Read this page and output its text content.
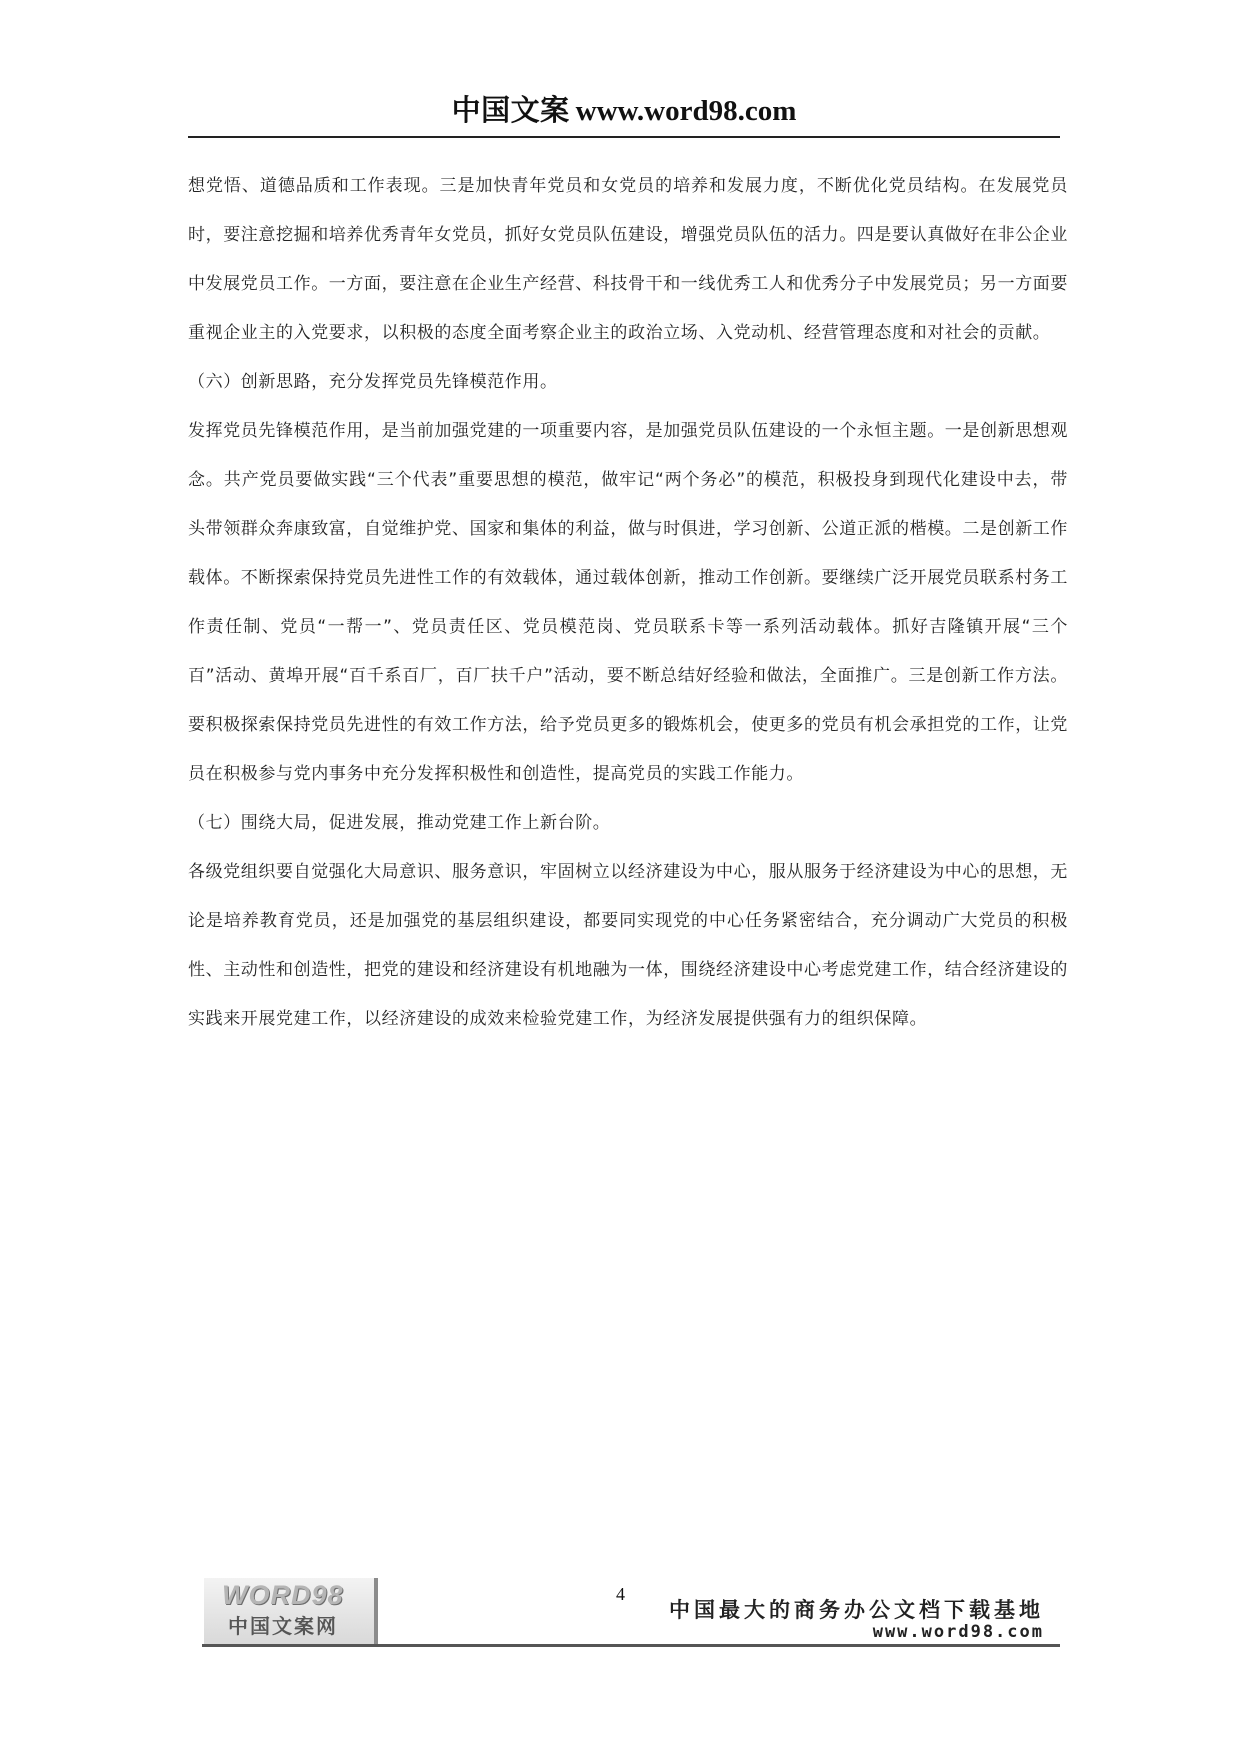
中国文案 www.word98.com

想党悟、道德品质和工作表现。三是加快青年党员和女党员的培养和发展力度，不断优化党员结构。在发展党员时，要注意挖掘和培养优秀青年女党员，抓好女党员队伍建设，增强党员队伍的活力。四是要认真做好在非公企业中发展党员工作。一方面，要注意在企业生产经营、科技骨干和一线优秀工人和优秀分子中发展党员；另一方面要重视企业主的入党要求，以积极的态度全面考察企业主的政治立场、入党动机、经营管理态度和对社会的贡献。

（六）创新思路，充分发挥党员先锋模范作用。

发挥党员先锋模范作用，是当前加强党建的一项重要内容，是加强党员队伍建设的一个永恒主题。一是创新思想观念。共产党员要做实践“三个代表”重要思想的模范，做牢记“两个务必”的模范，积极投身到现代化建设中去，带头带领群众奔康致富，自觉维护党、国家和集体的利益，做与时俱进，学习创新、公道正派的楷模。二是创新工作载体。不断探索保持党员先进性工作的有效载体，通过载体创新，推动工作创新。要继续广泛开展党员联系村务工作责任制、党员“一帮一”、党员责任区、党员模范岗、党员联系卡等一系列活动载体。抓好吉隆镇开展“三个百”活动、黄埠开展“百千系百厂，百厂扶千户”活动，要不断总结好经验和做法，全面推广。三是创新工作方法。要积极探索保持党员先进性的有效工作方法，给予党员更多的锻炼机会，使更多的党员有机会承担党的工作，让党员在积极参与党内事务中充分发挥积极性和创造性，提高党员的实践工作能力。

（七）围绕大局，促进发展，推动党建工作上新台阶。

各级党组织要自觉强化大局意识、服务意识，牢固树立以经济建设为中心，服从服务于经济建设为中心的思想，无论是培养教育党员，还是加强党的基层组织建设，都要同实现党的中心任务紧密结合，充分调动广大党员的积极性、主动性和创造性，把党的建设和经济建设有机地融为一体，围绕经济建设中心考虑党建工作，结合经济建设的实践来开展党建工作，以经济建设的成效来检验党建工作，为经济发展提供强有力的组织保障。

WORD98
中国文案网
4
中国最大的商务办公文档下载基地
www.word98.com
